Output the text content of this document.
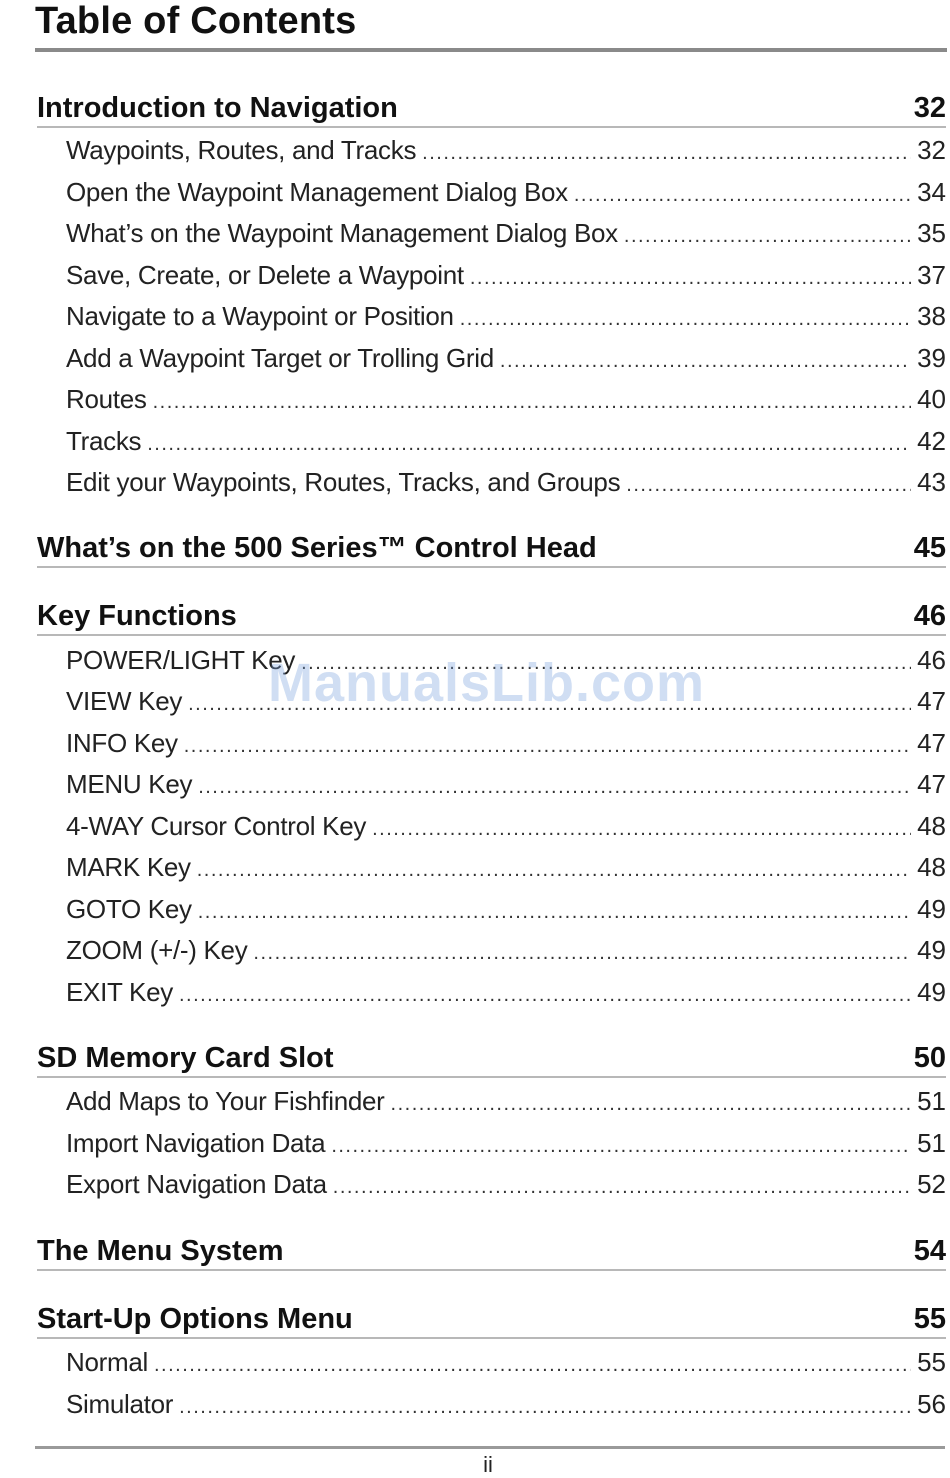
Table of Contents
Introduction to Navigation	32
Waypoints, Routes, and Tracks .....	32
Open the Waypoint Management Dialog Box .....	34
What’s on the Waypoint Management Dialog Box .....	35
Save, Create, or Delete a Waypoint .....	37
Navigate to a Waypoint or Position .....	38
Add a Waypoint Target or Trolling Grid .....	39
Routes .....	40
Tracks .....	42
Edit your Waypoints, Routes, Tracks, and Groups .....	43
What’s on the 500 Series™ Control Head	45
Key Functions	46
POWER/LIGHT Key .....	46
VIEW Key .....	47
INFO Key .....	47
MENU Key .....	47
4-WAY Cursor Control Key .....	48
MARK Key .....	48
GOTO Key .....	49
ZOOM (+/-) Key .....	49
EXIT Key .....	49
SD Memory Card Slot	50
Add Maps to Your Fishfinder .....	51
Import Navigation Data .....	51
Export Navigation Data .....	52
The Menu System	54
Start-Up Options Menu	55
Normal .....	55
Simulator .....	56
ManualsLib.com
ii
